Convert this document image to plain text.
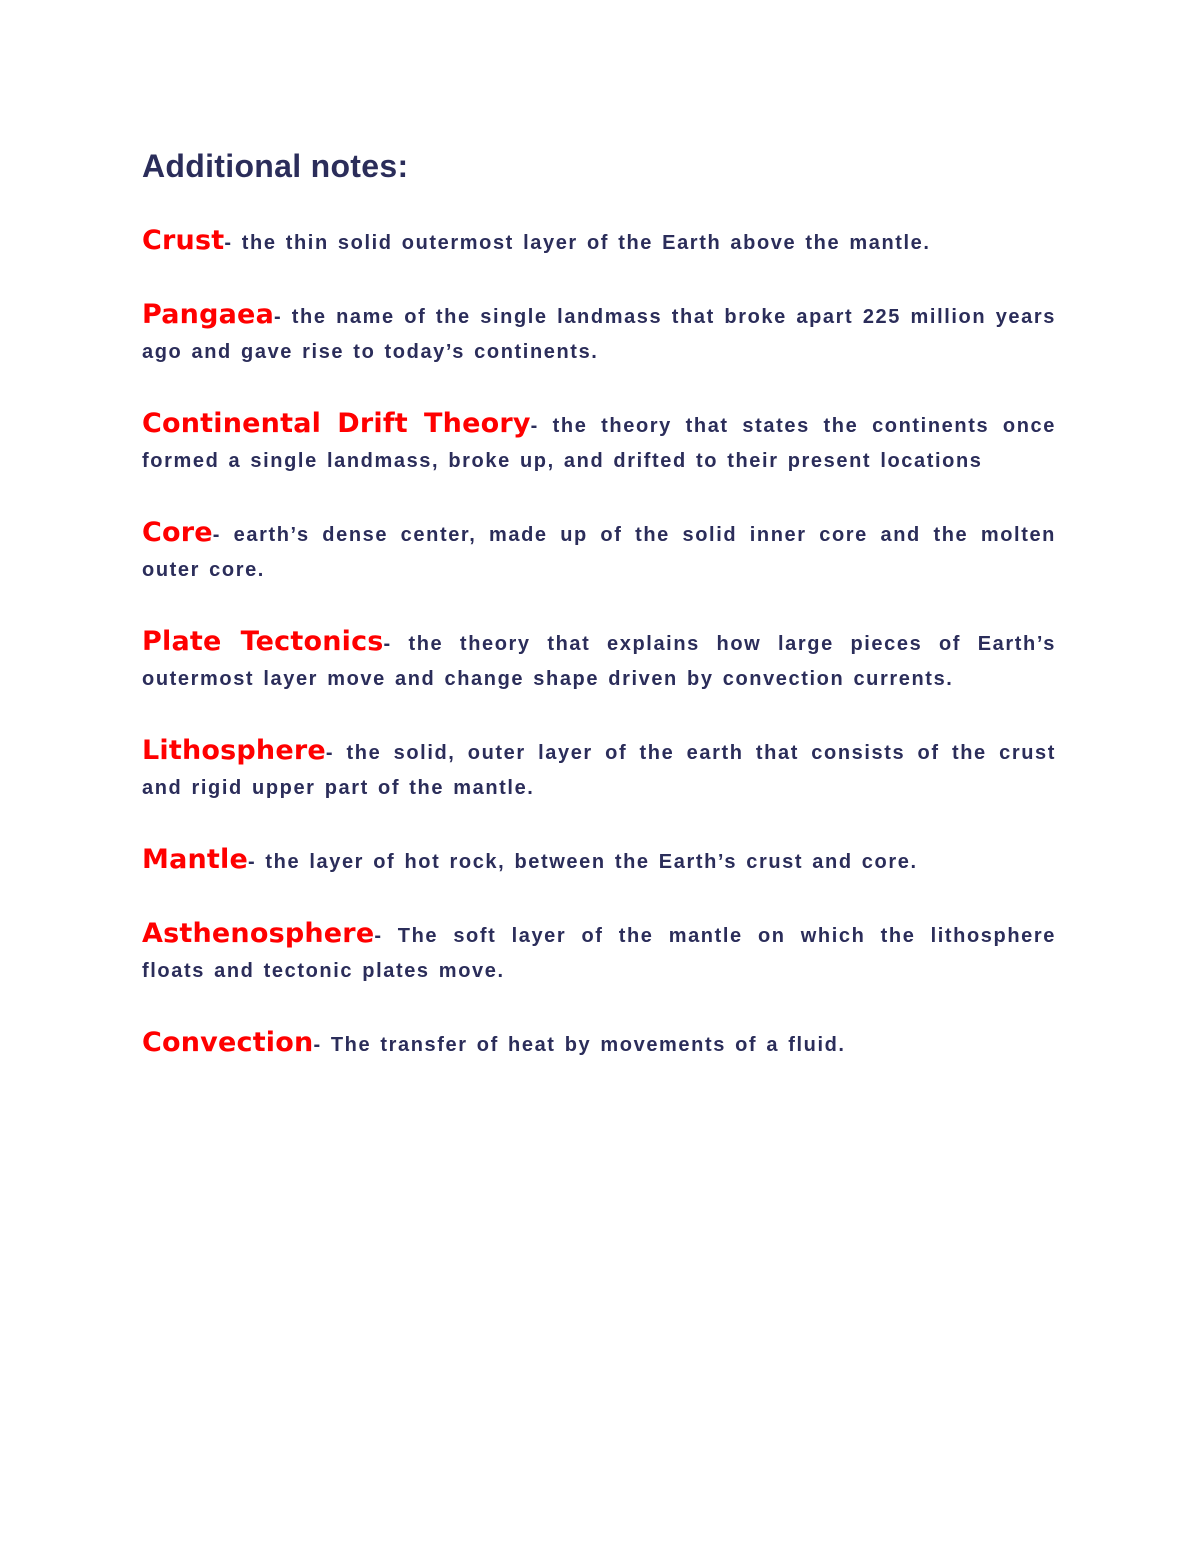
Additional notes:

Crust- the thin solid outermost layer of the Earth above the mantle.

Pangaea- the name of the single landmass that broke apart 225 million years ago and gave rise to today’s continents.

Continental Drift Theory- the theory that states the continents once formed a single landmass, broke up, and drifted to their present locations

Core- earth’s dense center, made up of the solid inner core and the molten outer core.

Plate Tectonics- the theory that explains how large pieces of Earth’s outermost layer move and change shape driven by convection currents.

Lithosphere- the solid, outer layer of the earth that consists of the crust and rigid upper part of the mantle.

Mantle- the layer of hot rock, between the Earth’s crust and core.

Asthenosphere- The soft layer of the mantle on which the lithosphere floats and tectonic plates move.

Convection- The transfer of heat by movements of a fluid.
